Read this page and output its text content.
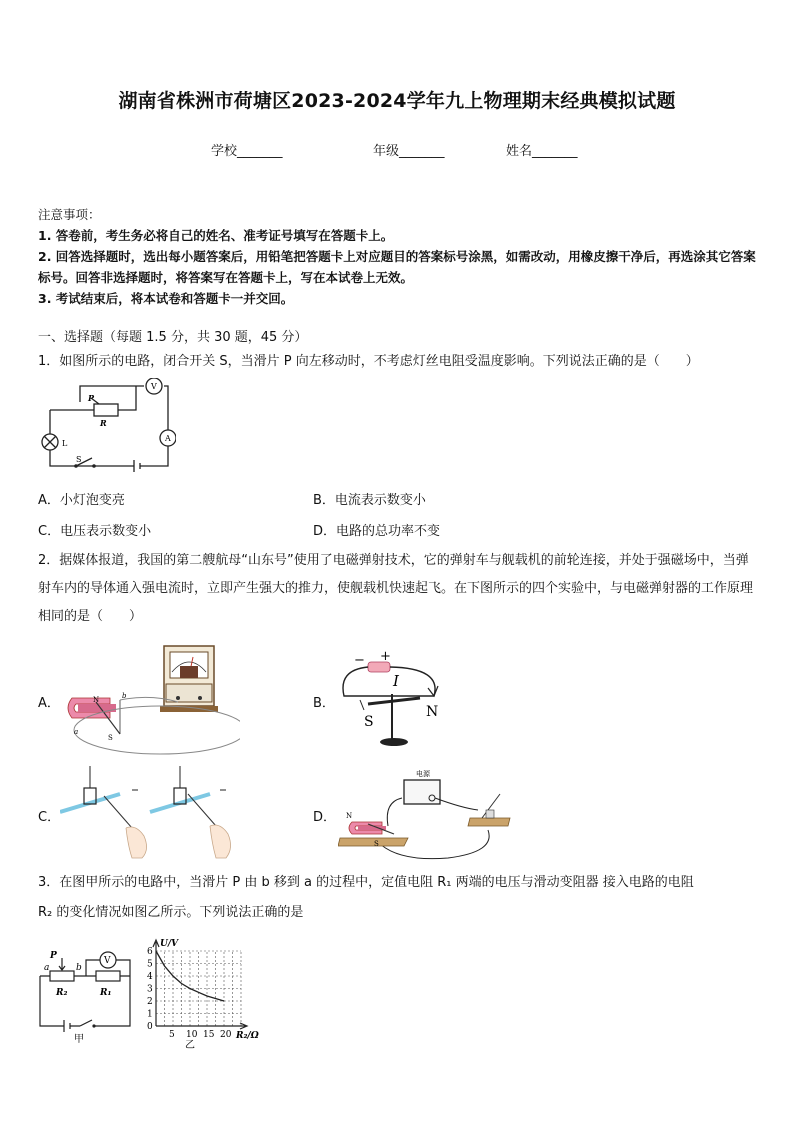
湖南省株洲市荷塘区2023-2024学年九上物理期末经典模拟试题
学校_______	年级_______	姓名_______

注意事项：

1. 答卷前，考生务必将自己的姓名、准考证号填写在答题卡上。

2. 回答选择题时，选出每小题答案后，用铅笔把答题卡上对应题目的答案标号涂黑，如需改动，用橡皮擦干净后，再选涂其它答案标号。回答非选择题时，将答案写在答题卡上，写在本试卷上无效。

3. 考试结束后，将本试卷和答题卡一并交回。

一、选择题（每题 1.5 分，共 30 题，45 分）
1．如图所示的电路，闭合开关 S，当滑片 P 向左移动时，不考虑灯丝电阻受温度影响。下列说法正确的是（　　）
P
R
V
A
L
S
A．小灯泡变亮	B．电流表示数变小
C．电压表示数变小	D．电路的总功率不变
2．据媒体报道，我国的第二艘航母“山东号”使用了电磁弹射技术，它的弹射车与舰载机的前轮连接，并处于强磁场中，当弹射车内的导体通入强电流时，立即产生强大的推力，使舰载机快速起飞。在下图所示的四个实验中，与电磁弹射器的工作原理相同的是（　　）
A．	N
S
a
b	B．
− +
I
S
N
C．	D．
电源
N
S
3．在图甲所示的电路中，当滑片 P 由 b 移到 a 的过程中，定值电阻 R₁ 两端的电压与滑动变阻器 接入电路的电阻
R₂ 的变化情况如图乙所示。下列说法正确的是
a
P
b
R₂	R₁
V
甲
0
1
2
3
4
5
6
5 10 15 20
U/V
R₂/Ω
乙
